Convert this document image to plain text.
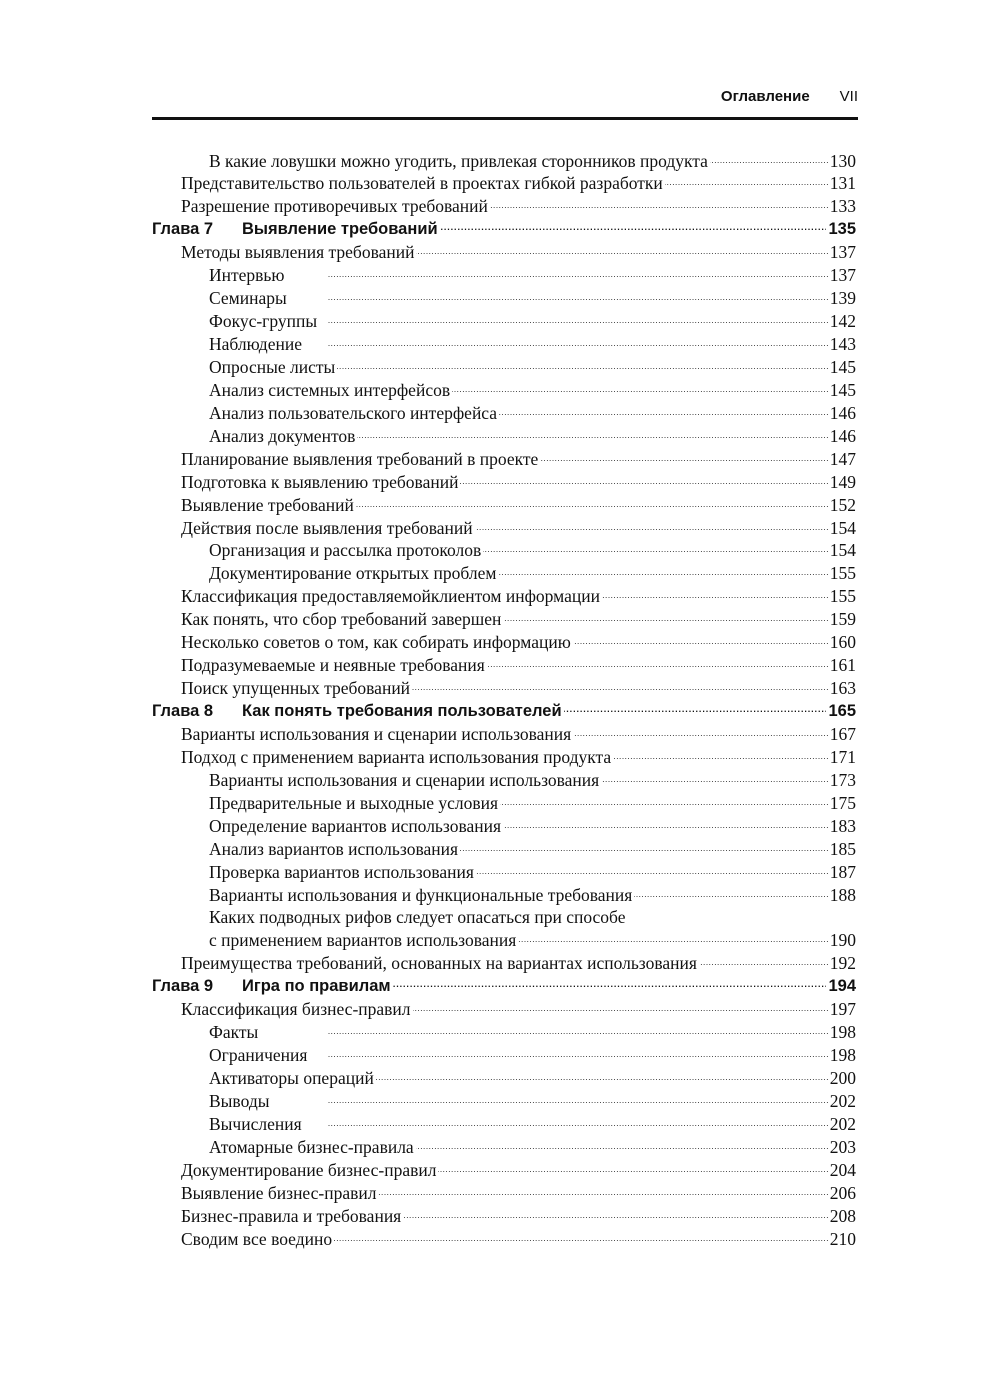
Оглавление VII
В какие ловушки можно угодить, привлекая сторонников продукта . . .	130
Представительство пользователей в проектах гибкой разработки . . .	131
Разрешение противоречивых требований . . .	133
Глава 7 Выявление требований . . .	135
Методы выявления требований . . .	137
Интервью . . .	137
Семинары . . .	139
Фокус-группы . . .	142
Наблюдение . . .	143
Опросные листы . . .	145
Анализ системных интерфейсов . . .	145
Анализ пользовательского интерфейса . . .	146
Анализ документов . . .	146
Планирование выявления требований в проекте . . .	147
Подготовка к выявлению требований . . .	149
Выявление требований . . .	152
Действия после выявления требований . . .	154
Организация и рассылка протоколов . . .	154
Документирование открытых проблем . . .	155
Классификация предоставляемойклиентом информации . . .	155
Как понять, что сбор требований завершен . . .	159
Несколько советов о том, как собирать информацию . . .	160
Подразумеваемые и неявные требования . . .	161
Поиск упущенных требований . . .	163
Глава 8 Как понять требования пользователей . . .	165
Варианты использования и сценарии использования . . .	167
Подход с применением варианта использования продукта . . .	171
Варианты использования и сценарии использования . . .	173
Предварительные и выходные условия . . .	175
Определение вариантов использования . . .	183
Анализ вариантов использования . . .	185
Проверка вариантов использования . . .	187
Варианты использования и функциональные требования . . .	188
Каких подводных рифов следует опасаться при способе
с применением вариантов использования . . .	190
Преимущества требований, основанных на вариантах использования . . .	192
Глава 9 Игра по правилам . . .	194
Классификация бизнес-правил . . .	197
Факты . . .	198
Ограничения . . .	198
Активаторы операций . . .	200
Выводы . . .	202
Вычисления . . .	202
Атомарные бизнес-правила . . .	203
Документирование бизнес-правил . . .	204
Выявление бизнес-правил . . .	206
Бизнес-правила и требования . . .	208
Сводим все воедино . . .	210
